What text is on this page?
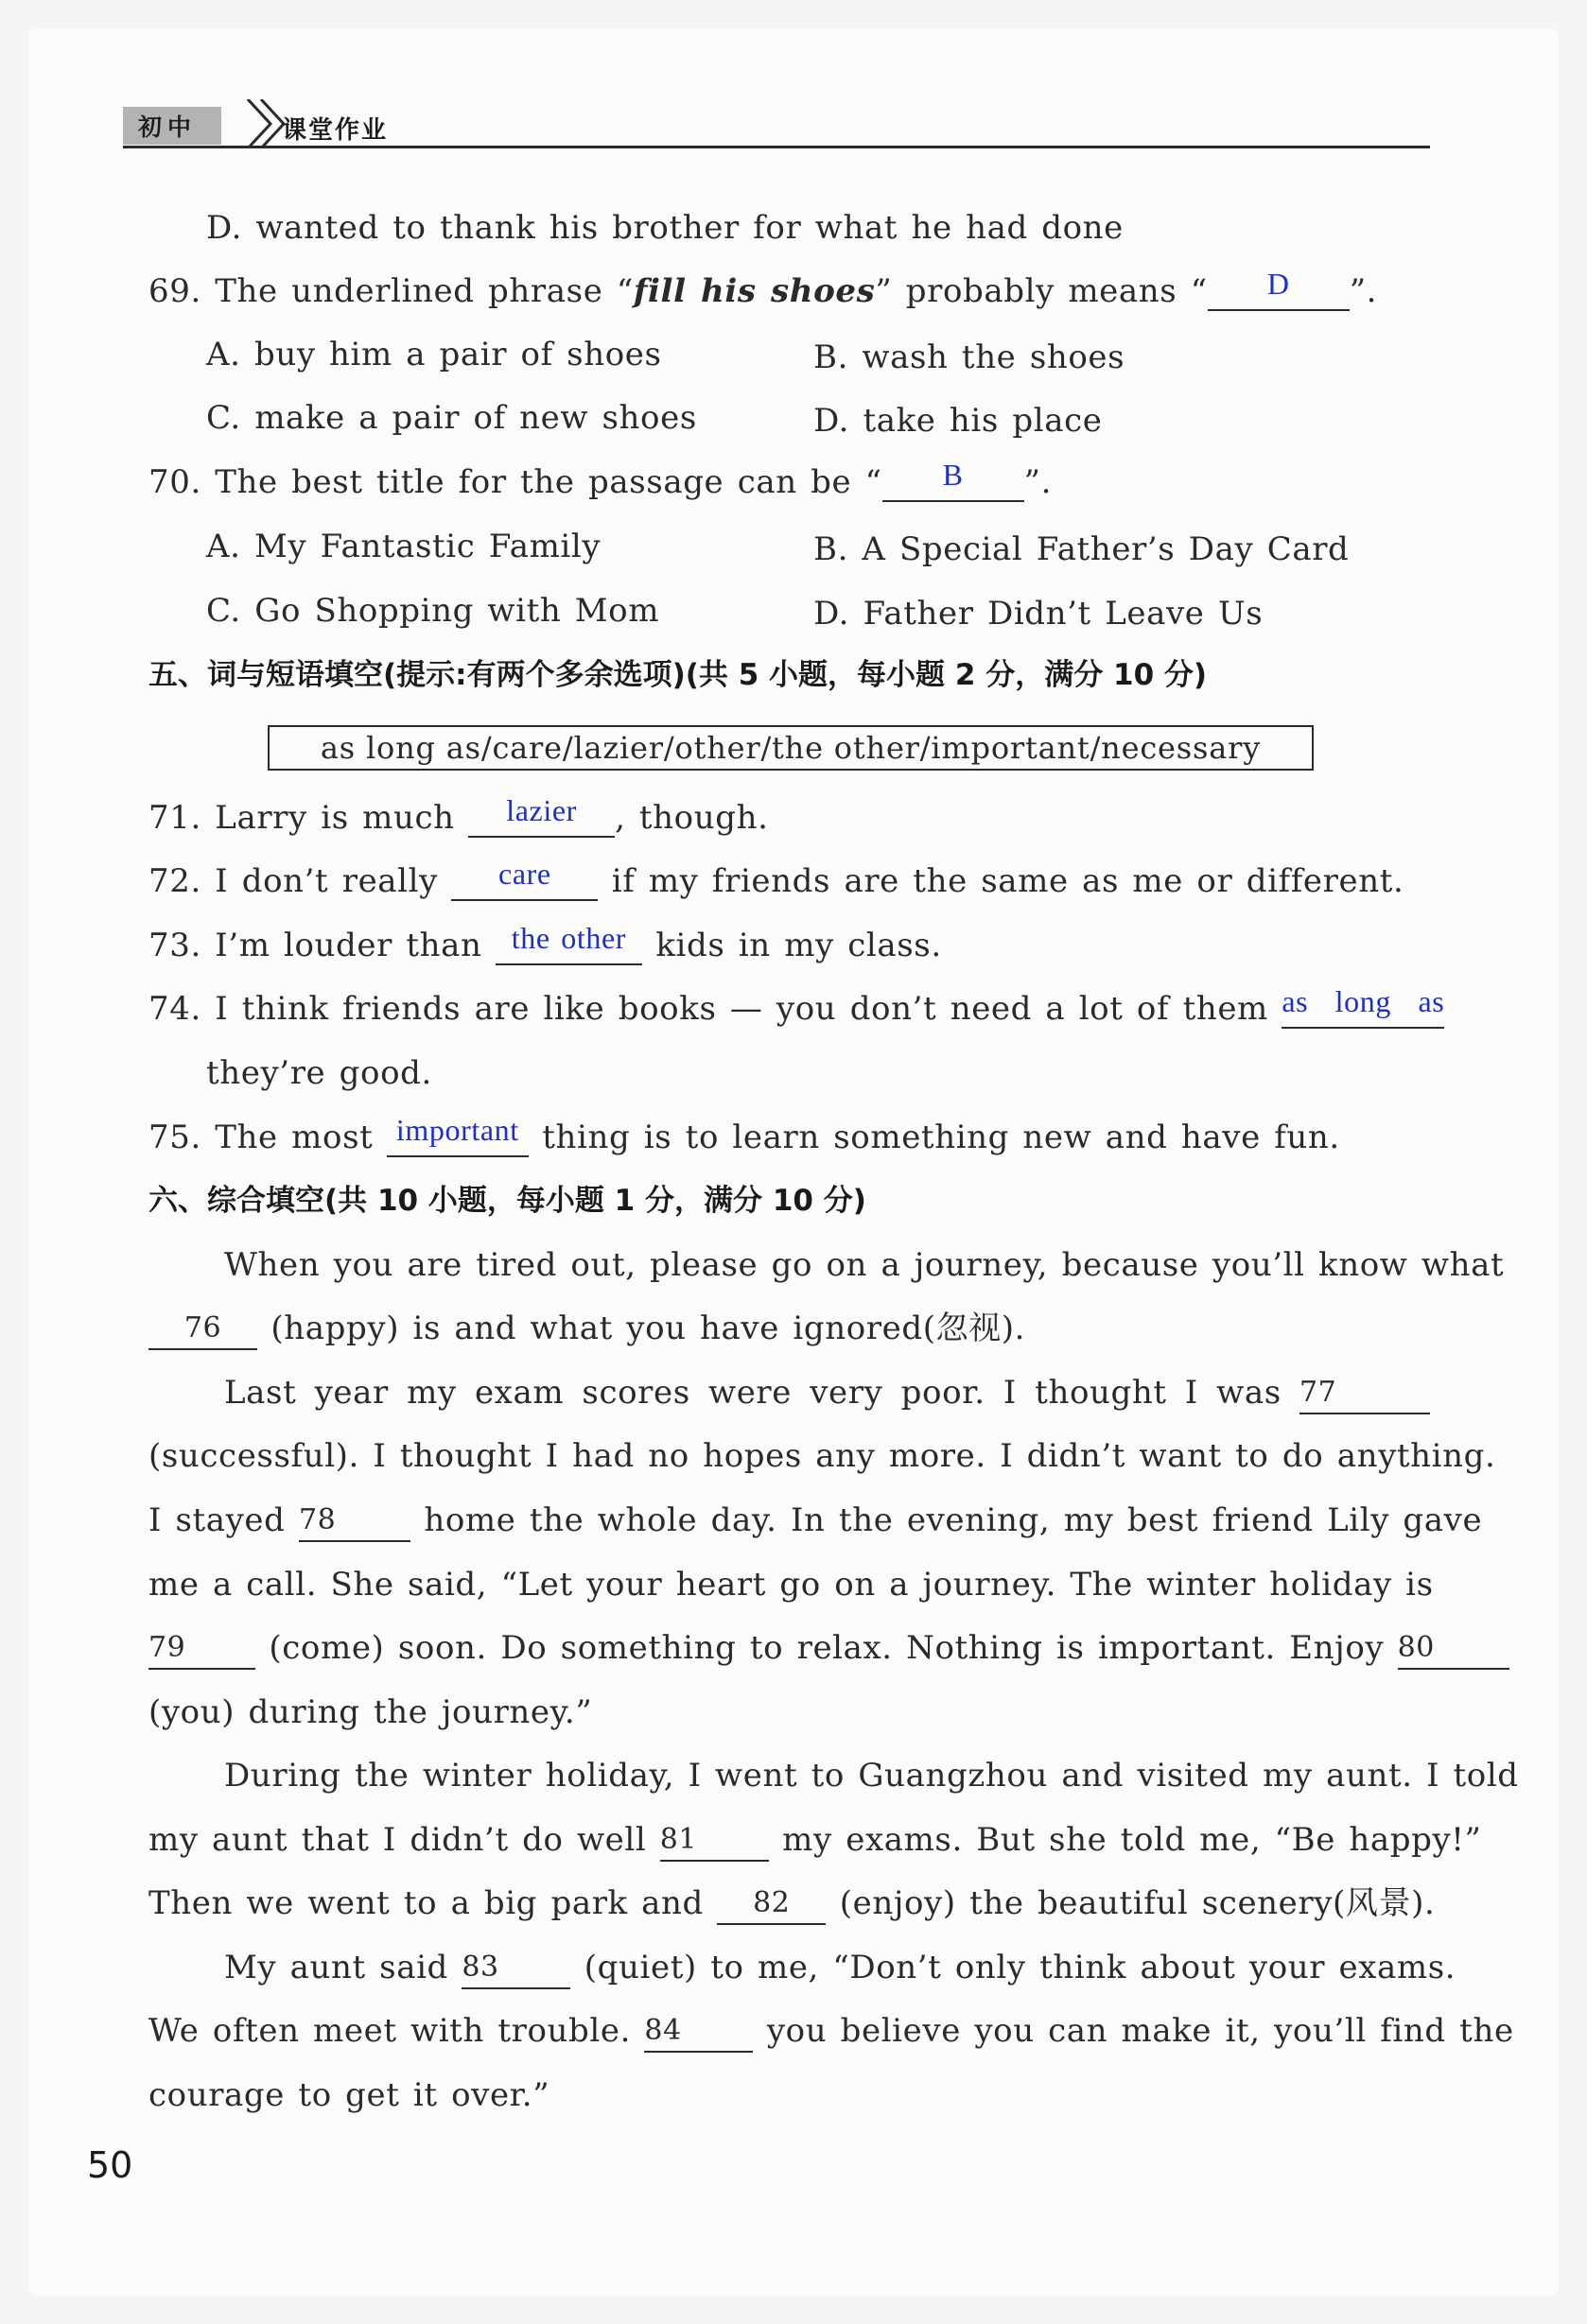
初中	课堂作业
D. wanted to thank his brother for what he had done
69. The underlined phrase “fill his shoes” probably means “ D ”.
A. buy him a pair of shoes	B. wash the shoes
C. make a pair of new shoes	D. take his place
70. The best title for the passage can be “ B ”.
A. My Fantastic Family	B. A Special Father’s Day Card
C. Go Shopping with Mom	D. Father Didn’t Leave Us
五、词与短语填空(提示:有两个多余选项)(共 5 小题，每小题 2 分，满分 10 分)
as long as/care/lazier/other/the other/important/necessary
71. Larry is much lazier , though.
72. I don’t really care if my friends are the same as me or different.
73. I’m louder than the other kids in my class.
74. I think friends are like books — you don’t need a lot of them as long as
they’re good.
75. The most important thing is to learn something new and have fun.
六、综合填空(共 10 小题，每小题 1 分，满分 10 分)
When you are tired out, please go on a journey, because you’ll know what
76 (happy) is and what you have ignored(忽视).
Last year my exam scores were very poor. I thought I was 77
(successful). I thought I had no hopes any more. I didn’t want to do anything.
I stayed 78	home the whole day. In the evening, my best friend Lily gave
me a call. She said, “Let your heart go on a journey. The winter holiday is
79	(come) soon. Do something to relax. Nothing is important. Enjoy 80
(you) during the journey.”
During the winter holiday, I went to Guangzhou and visited my aunt. I told
my aunt that I didn’t do well 81	my exams. But she told me, “Be happy!”
Then we went to a big park and 82 (enjoy) the beautiful scenery(风景).
My aunt said 83	(quiet) to me, “Don’t only think about your exams.
We often meet with trouble. 84	you believe you can make it, you’ll find the
courage to get it over.”
50
